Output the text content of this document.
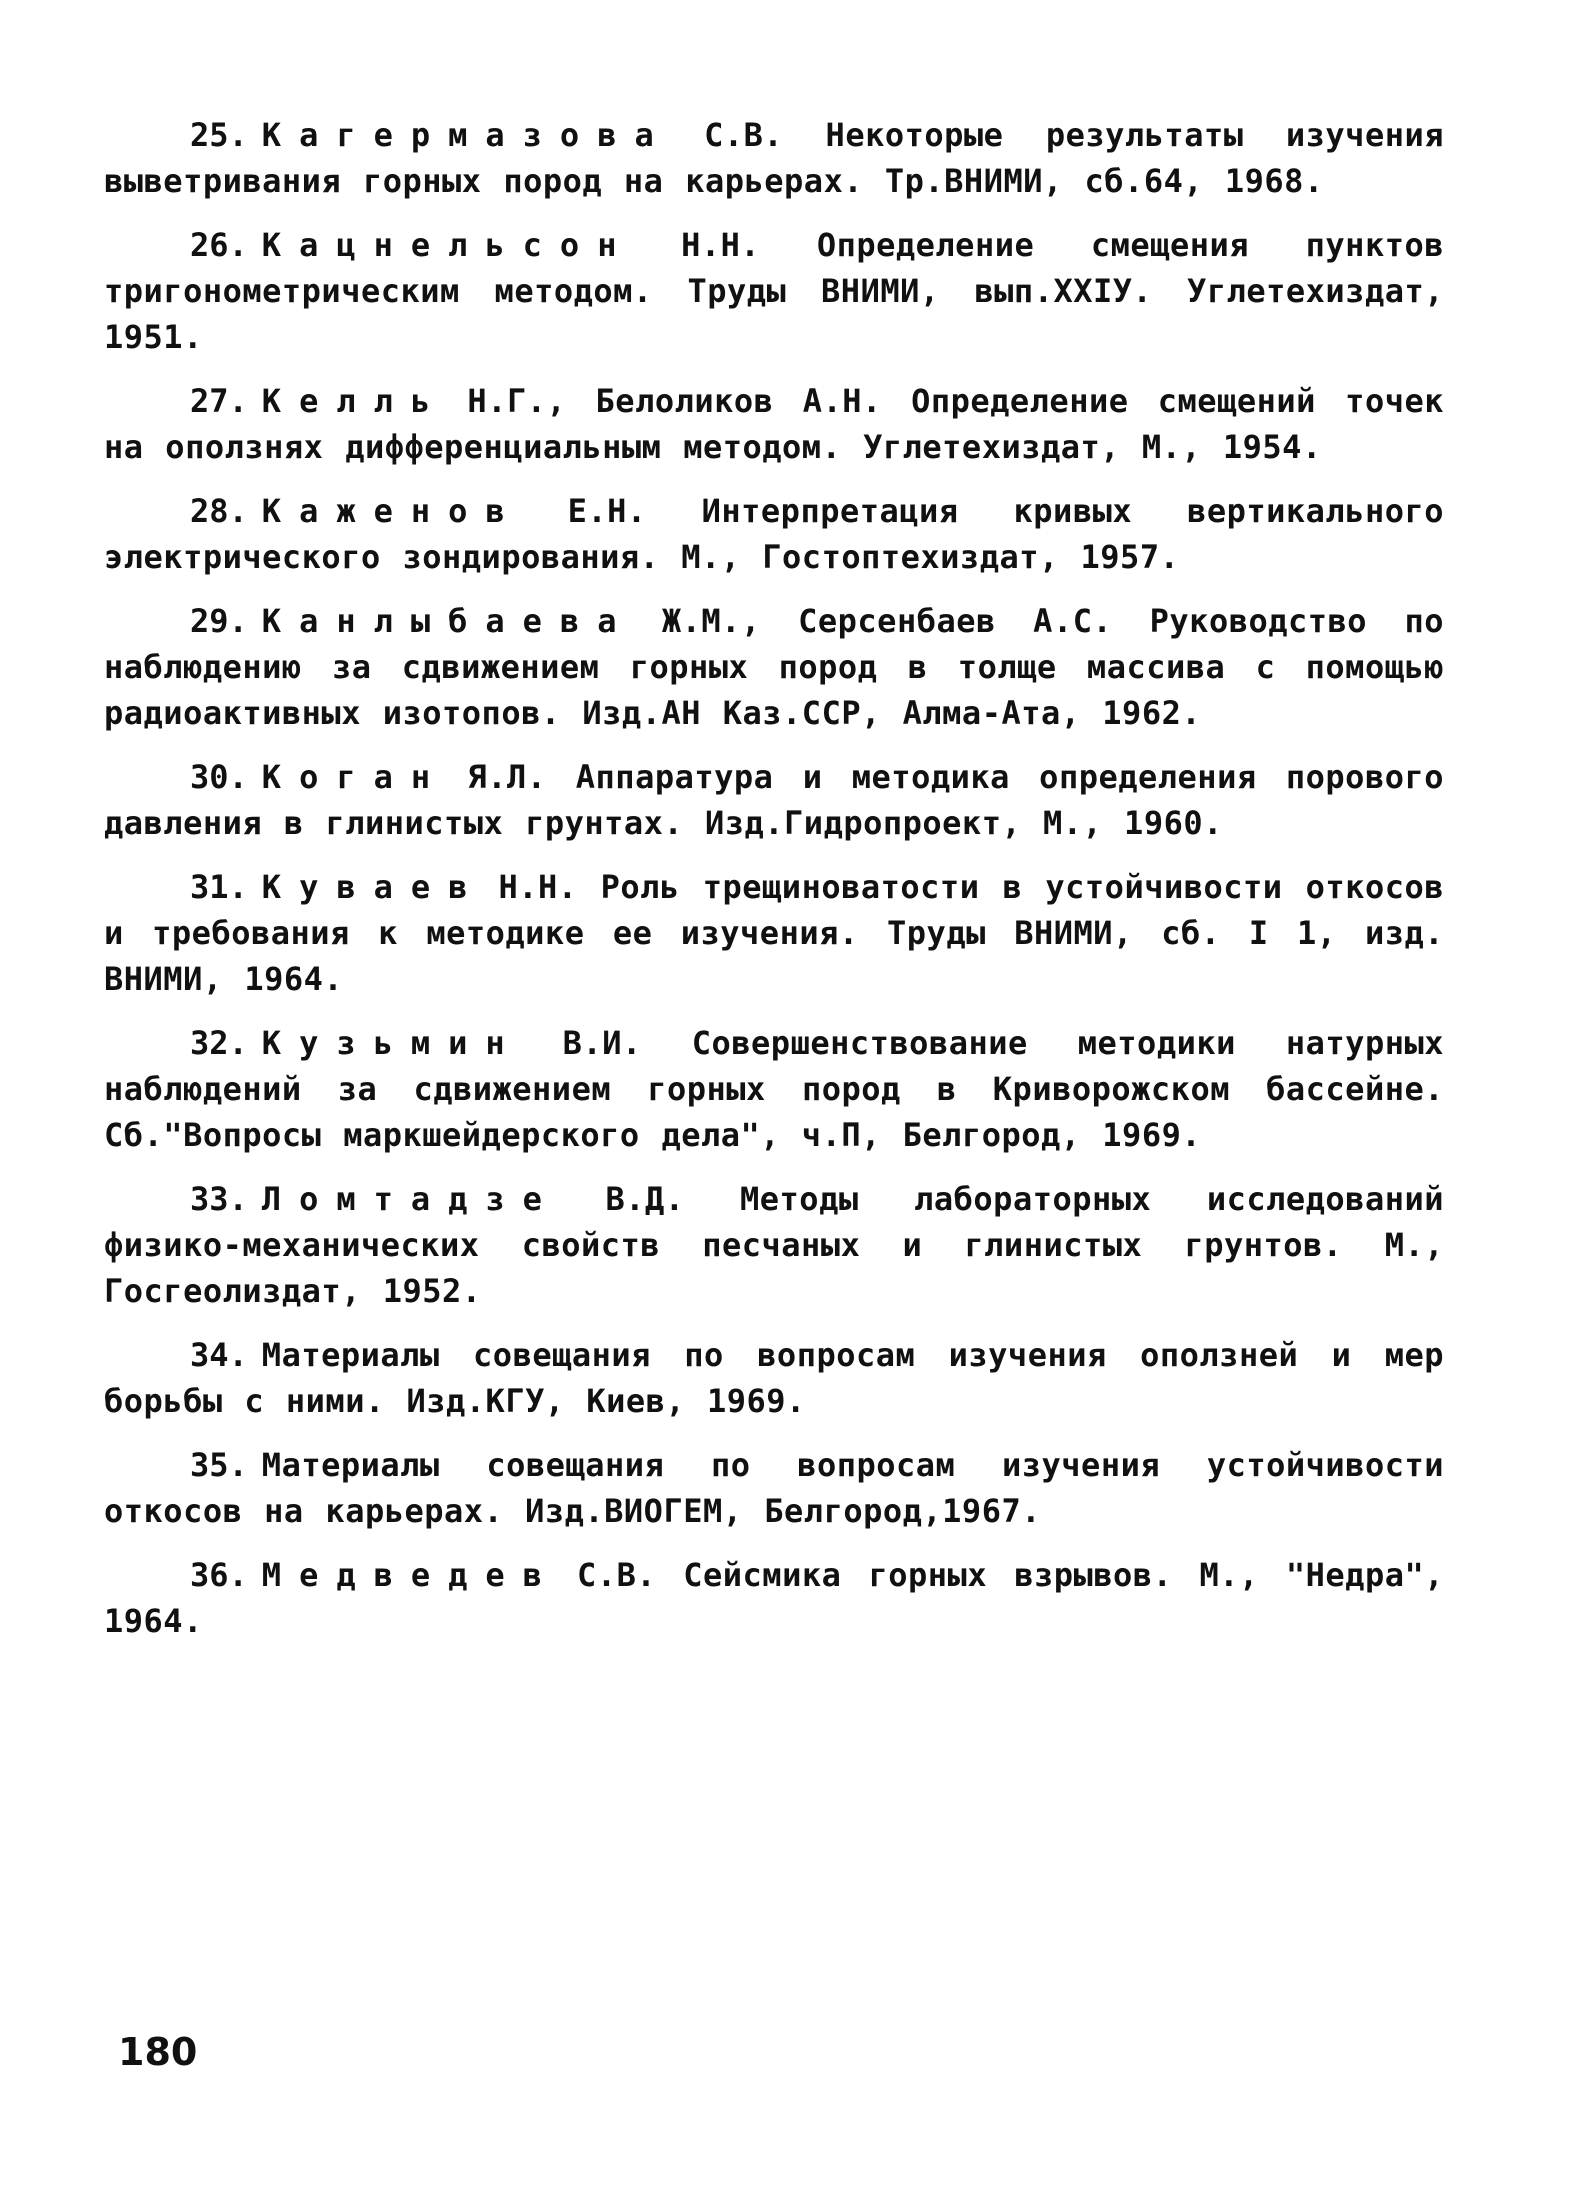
25. Кагермазова С.В. Некоторые результаты изучения выветривания горных пород на карьерах. Тр.ВНИМИ, сб.64, 1968.

26. Кацнельсон Н.Н. Определение смещения пунктов тригонометрическим методом. Труды ВНИМИ, вып.XXIУ. Углетехиздат, 1951.

27. Келль Н.Г., Белоликов А.Н. Определение смещений точек на оползнях дифференциальным методом. Углетехиздат, М., 1954.

28. Каженов Е.Н. Интерпретация кривых вертикального электрического зондирования. М., Гостоптехиздат, 1957.

29. Канлыбаева Ж.М., Серсенбаев А.С. Руководство по наблюдению за сдвижением горных пород в толще массива с помощью радиоактивных изотопов. Изд.АН Каз.ССР, Алма-Ата, 1962.

30. Коган Я.Л. Аппаратура и методика определения порового давления в глинистых грунтах. Изд.Гидропроект, М., 1960.

31. Куваев Н.Н. Роль трещиноватости в устойчивости откосов и требования к методике ее изучения. Труды ВНИМИ, сб. I 1, изд. ВНИМИ, 1964.

32. Кузьмин В.И. Совершенствование методики натурных наблюдений за сдвижением горных пород в Криворожском бассейне. Сб."Вопросы маркшейдерского дела", ч.П, Белгород, 1969.

33. Ломтадзе В.Д. Методы лабораторных исследований физико-механических свойств песчаных и глинистых грунтов. М., Госгеолиздат, 1952.

34. Материалы совещания по вопросам изучения оползней и мер борьбы с ними. Изд.КГУ, Киев, 1969.

35. Материалы совещания по вопросам изучения устойчивости откосов на карьерах. Изд.ВИОГЕМ, Белгород,1967.

36. Медведев С.В. Сейсмика горных взрывов. М., "Недра", 1964.

180
